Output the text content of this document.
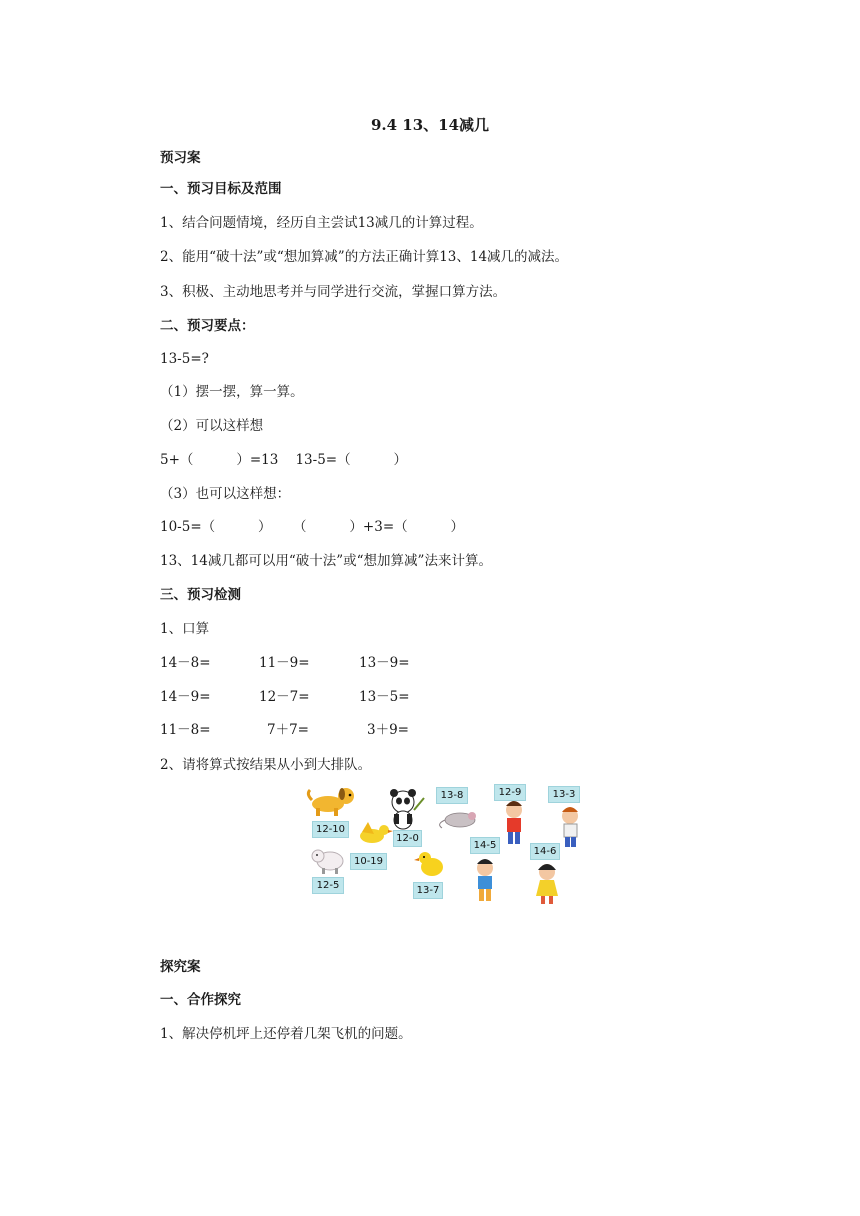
9.4 13、14减几
预习案
一、预习目标及范围
1、结合问题情境，经历自主尝试13减几的计算过程。
2、能用“破十法”或“想加算减”的方法正确计算13、14减几的减法。
3、积极、主动地思考并与同学进行交流，掌握口算方法。
二、预习要点：
13-5=?
（1）摆一摆，算一算。
（2）可以这样想
5+（          ）=13    13-5=（          ）
（3）也可以这样想：
10-5=（          ）     （          ）+3=（          ）
13、14减几都可以用“破十法”或“想加算减”法来计算。
三、预习检测
1、口算
14－8=	11－9=	13－9=
14－9=	12－7=	13－5=
11－8=	7＋7=	3＋9=
2、请将算式按结果从小到大排队。
12-10
12-0
13-8	12-9	13-3
10-19
14-5
14-6
12-5	13-7
探究案
一、合作探究
1、解决停机坪上还停着几架飞机的问题。
